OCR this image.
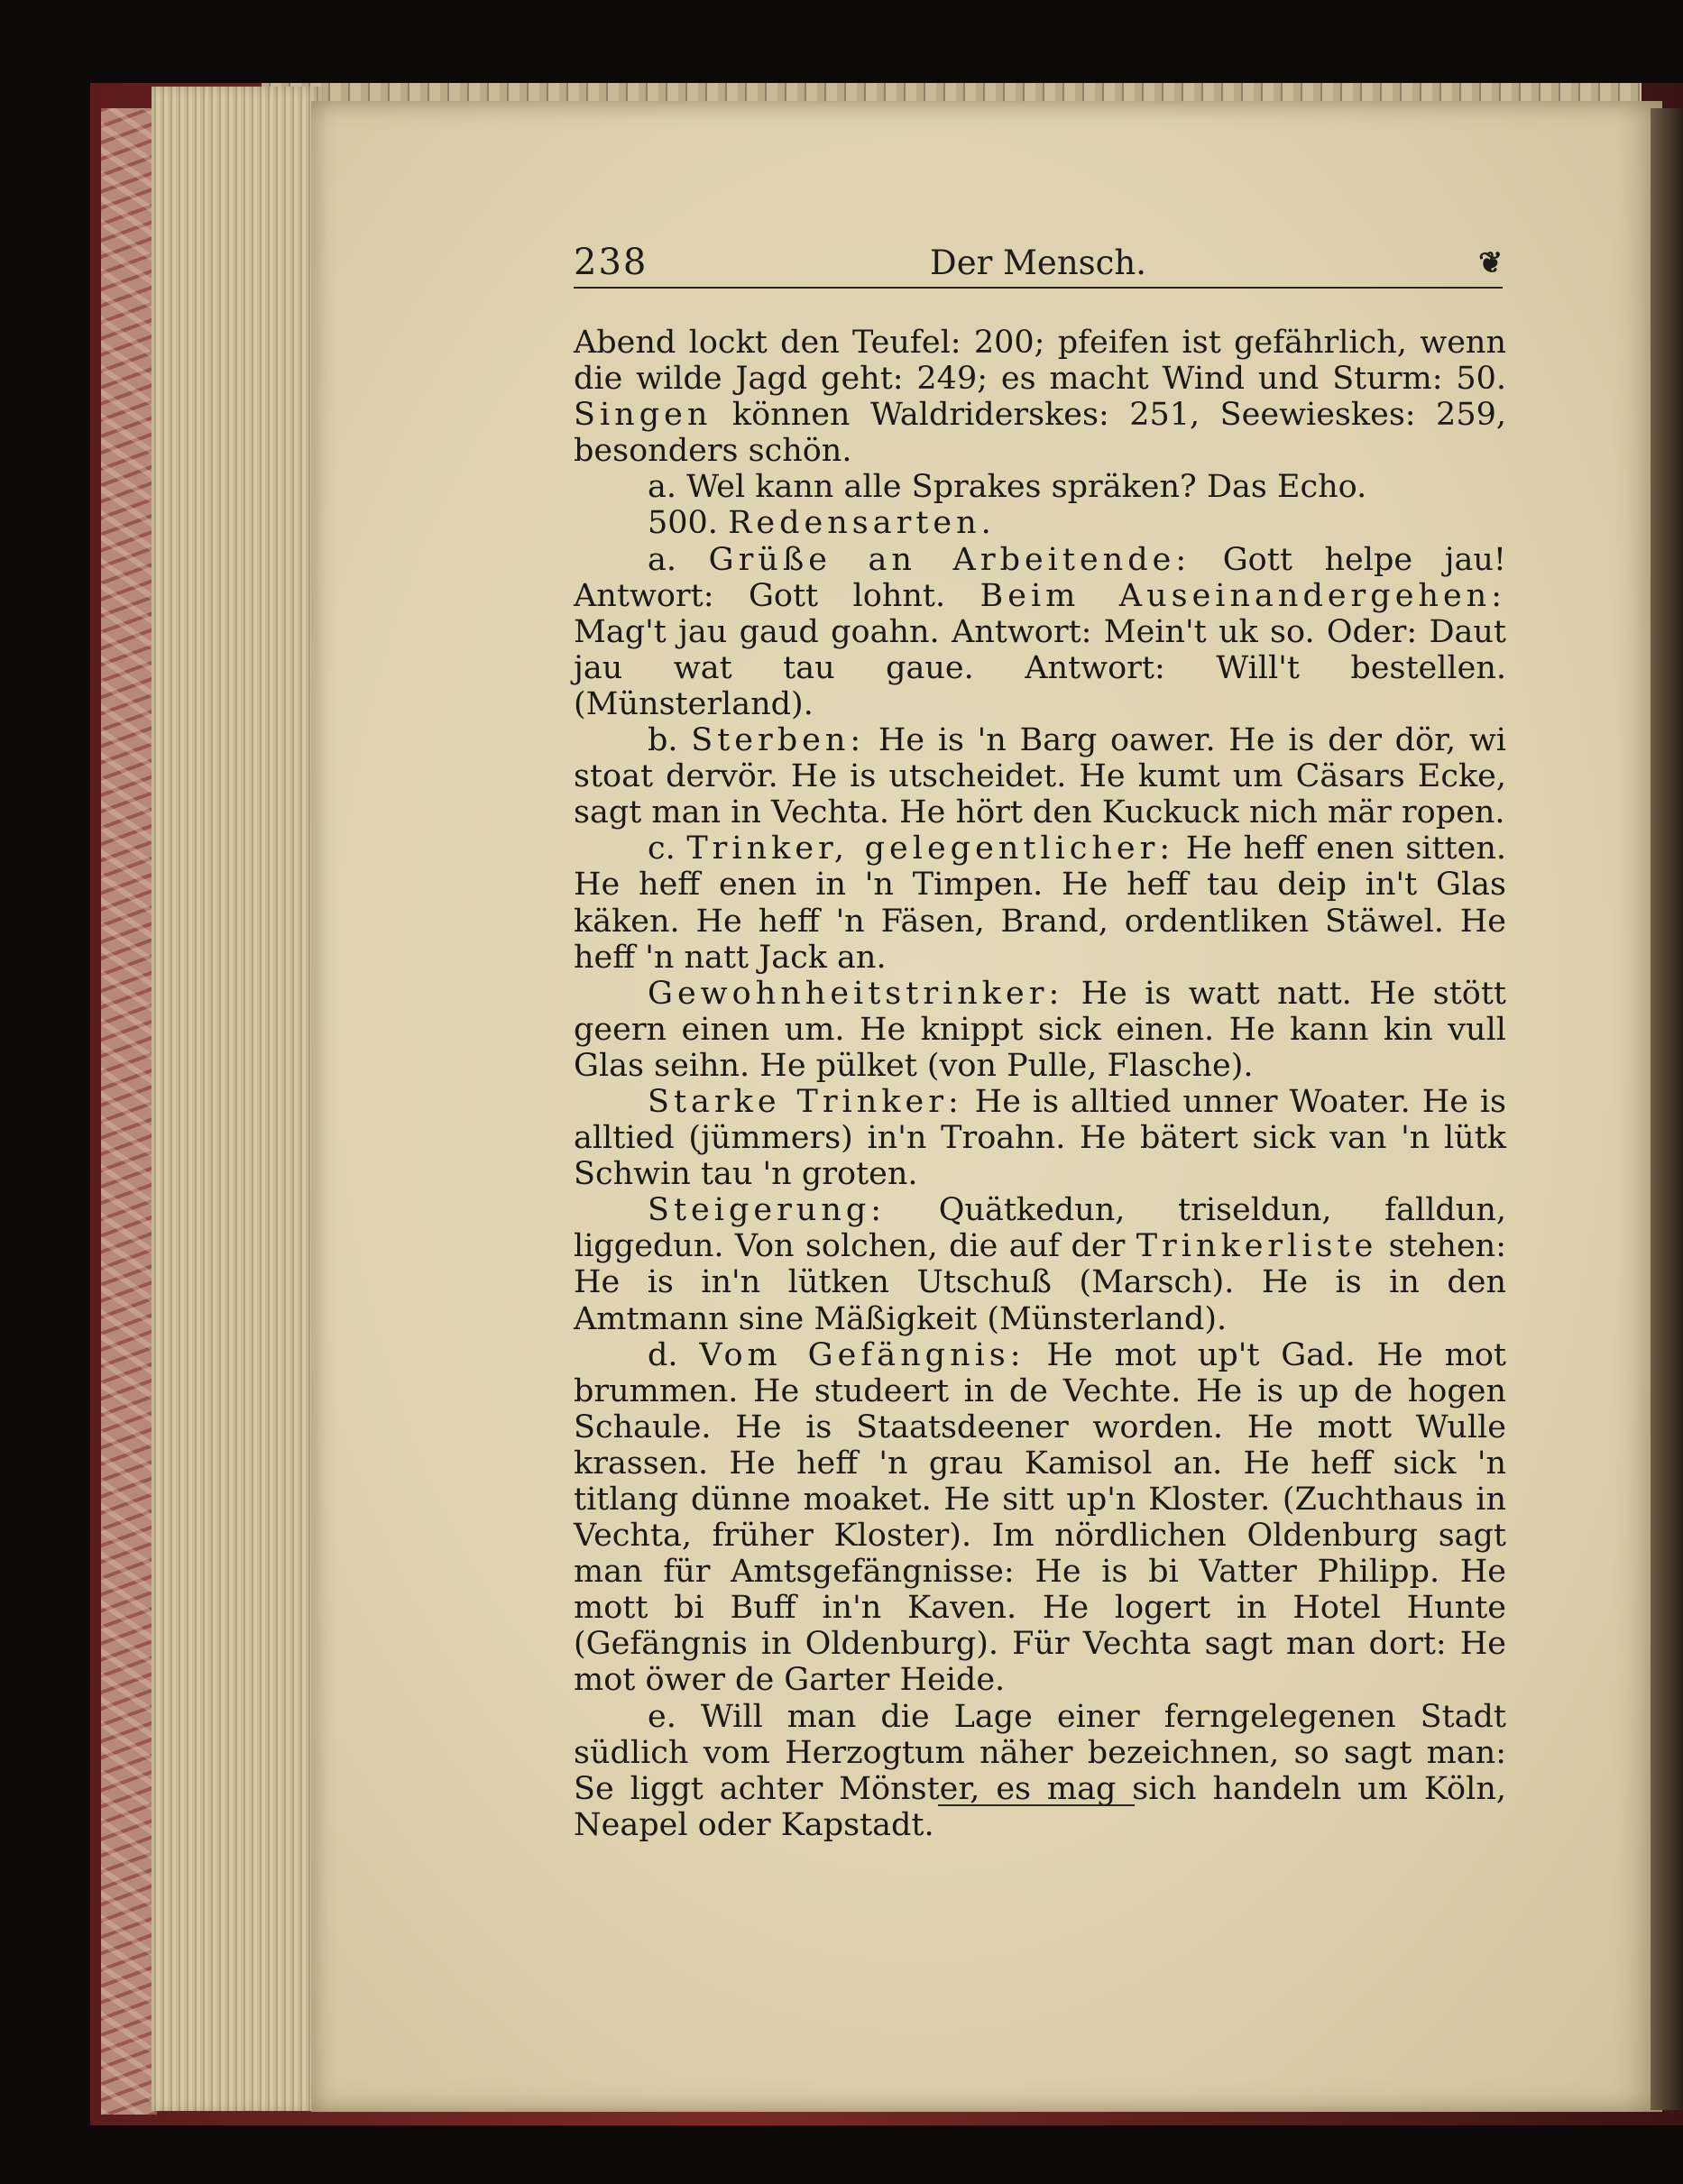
238	Der Mensch.	❦

Abend lockt den Teufel: 200; pfeifen ist gefährlich, wenn die wilde Jagd geht: 249; es macht Wind und Sturm: 50. Singen können Waldriderskes: 251, Seewieskes: 259, besonders schön.

a. Wel kann alle Sprakes spräken? Das Echo.

500. Redensarten.

a. Grüße an Arbeitende: Gott helpe jau! Antwort: Gott lohnt. Beim Auseinandergehen: Mag't jau gaud goahn. Antwort: Mein't uk so. Oder: Daut jau wat tau gaue. Antwort: Will't bestellen. (Münsterland).

b. Sterben: He is 'n Barg oawer. He is der dör, wi stoat dervör. He is utscheidet. He kumt um Cäsars Ecke, sagt man in Vechta. He hört den Kuckuck nich mär ropen.

c. Trinker, gelegentlicher: He heff enen sitten. He heff enen in 'n Timpen. He heff tau deip in't Glas käken. He heff 'n Fäsen, Brand, ordentliken Stäwel. He heff 'n natt Jack an.

Gewohnheitstrinker: He is watt natt. He stött geern einen um. He knippt sick einen. He kann kin vull Glas seihn. He pülket (von Pulle, Flasche).

Starke Trinker: He is alltied unner Woater. He is alltied (jümmers) in'n Troahn. He bätert sick van 'n lütk Schwin tau 'n groten.

Steigerung: Quätkedun, triseldun, falldun, liggedun. Von solchen, die auf der Trinkerliste stehen: He is in'n lütken Utschuß (Marsch). He is in den Amtmann sine Mäßigkeit (Münsterland).

d. Vom Gefängnis: He mot up't Gad. He mot brummen. He studeert in de Vechte. He is up de hogen Schaule. He is Staatsdeener worden. He mott Wulle krassen. He heff 'n grau Kamisol an. He heff sick 'n titlang dünne moaket. He sitt up'n Kloster. (Zuchthaus in Vechta, früher Kloster). Im nördlichen Oldenburg sagt man für Amtsgefängnisse: He is bi Vatter Philipp. He mott bi Buff in'n Kaven. He logert in Hotel Hunte (Gefängnis in Oldenburg). Für Vechta sagt man dort: He mot öwer de Garter Heide.

e. Will man die Lage einer ferngelegenen Stadt südlich vom Herzogtum näher bezeichnen, so sagt man: Se liggt achter Mönster, es mag sich handeln um Köln, Neapel oder Kapstadt.
